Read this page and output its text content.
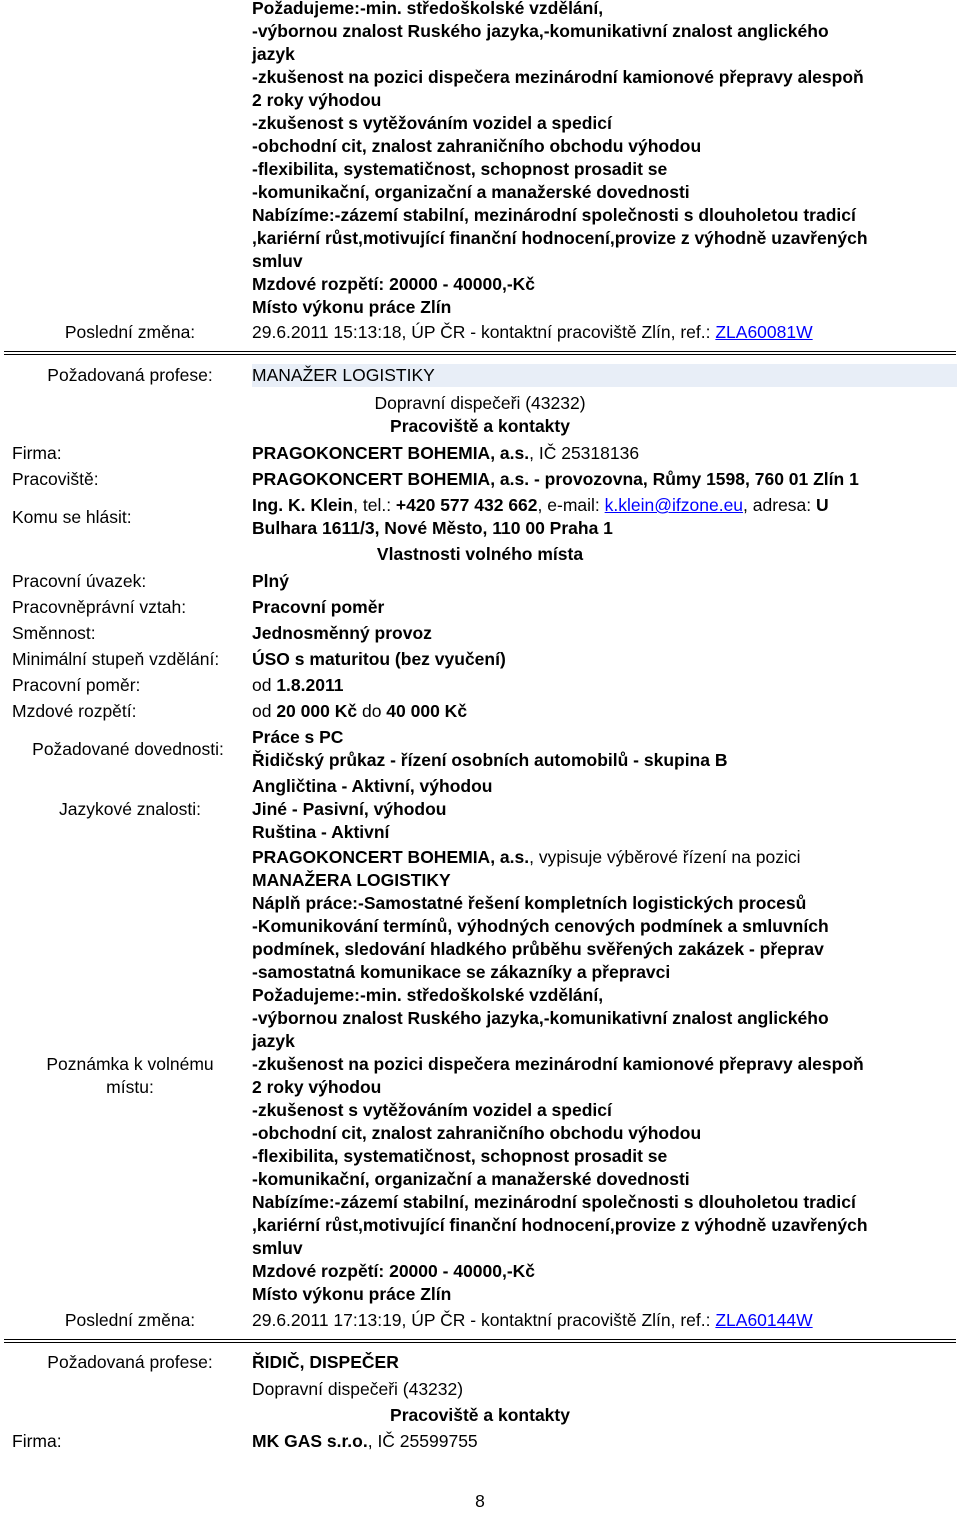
Požadujeme:-min. středoškolské vzdělání,
-výbornou znalost Ruského jazyka,-komunikativní znalost anglického
jazyk
-zkušenost na pozici dispečera mezinárodní kamionové přepravy alespoň
2 roky výhodou
-zkušenost s vytěžováním vozidel a spedicí
-obchodní cit, znalost zahraničního obchodu výhodou
-flexibilita, systematičnost, schopnost prosadit se
-komunikační, organizační a manažerské dovednosti
Nabízíme:-zázemí stabilní, mezinárodní společnosti s dlouholetou tradicí
,kariérní růst,motivující finanční hodnocení,provize z výhodně uzavřených
smluv
Mzdové rozpětí: 20000 - 40000,-Kč
Místo výkonu práce Zlín
Poslední změna:	29.6.2011 15:13:18, ÚP ČR - kontaktní pracoviště Zlín, ref.: ZLA60081W
Požadovaná profese:	MANAŽER LOGISTIKY
Dopravní dispečeři (43232)
Pracoviště a kontakty
Firma:	PRAGOKONCERT BOHEMIA, a.s., IČ 25318136
Pracoviště:	PRAGOKONCERT BOHEMIA, a.s. - provozovna, Růmy 1598, 760 01 Zlín 1
Komu se hlásit:
Ing. K. Klein, tel.: +420 577 432 662, e-mail: k.klein@ifzone.eu, adresa: U
Bulhara 1611/3, Nové Město, 110 00 Praha 1
Vlastnosti volného místa
Pracovní úvazek:	Plný
Pracovněprávní vztah:	Pracovní poměr
Směnnost:	Jednosměnný provoz
Minimální stupeň vzdělání:	ÚSO s maturitou (bez vyučení)
Pracovní poměr:	od 1.8.2011
Mzdové rozpětí:	od 20 000 Kč do 40 000 Kč
Požadované dovednosti:
Práce s PC
Řidičský průkaz - řízení osobních automobilů - skupina B
Jazykové znalosti:
Angličtina - Aktivní, výhodou
Jiné - Pasivní, výhodou
Ruština - Aktivní
Poznámka k volnému
místu:
PRAGOKONCERT BOHEMIA, a.s., vypisuje výběrové řízení na pozici
MANAŽERA LOGISTIKY
Náplň práce:-Samostatné řešení kompletních logistických procesů
-Komunikování termínů, výhodných cenových podmínek a smluvních
podmínek, sledování hladkého průběhu svěřených zakázek - přeprav
-samostatná komunikace se zákazníky a přepravci
Požadujeme:-min. středoškolské vzdělání,
-výbornou znalost Ruského jazyka,-komunikativní znalost anglického
jazyk
-zkušenost na pozici dispečera mezinárodní kamionové přepravy alespoň
2 roky výhodou
-zkušenost s vytěžováním vozidel a spedicí
-obchodní cit, znalost zahraničního obchodu výhodou
-flexibilita, systematičnost, schopnost prosadit se
-komunikační, organizační a manažerské dovednosti
Nabízíme:-zázemí stabilní, mezinárodní společnosti s dlouholetou tradicí
,kariérní růst,motivující finanční hodnocení,provize z výhodně uzavřených
smluv
Mzdové rozpětí: 20000 - 40000,-Kč
Místo výkonu práce Zlín
Poslední změna:	29.6.2011 17:13:19, ÚP ČR - kontaktní pracoviště Zlín, ref.: ZLA60144W
Požadovaná profese:	ŘIDIČ, DISPEČER
Dopravní dispečeři (43232)
Pracoviště a kontakty
Firma:	MK GAS s.r.o., IČ 25599755
8
